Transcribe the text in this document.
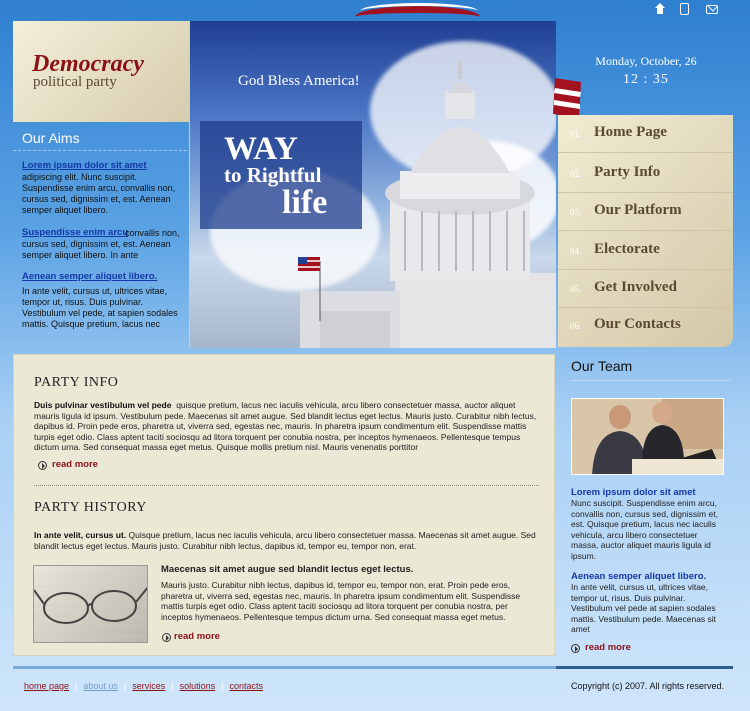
Democracy
political party	God Bless America!
WAY
to Rightful
life
Monday, October, 26
12 : 35
01. Home Page
02. Party Info
03. Our Platform
04. Electorate
05. Get Involved
06. Our Contacts
Our Aims
Lorem ipsum dolor sit amet
adipiscing elit. Nunc suscipit. Suspendisse enim arcu, convallis non, cursus sed, dignissim et, est. Aenean semper aliquet libero.
Suspendisse enim arcu
convallis non, cursus sed, dignissim et, est. Aenean semper aliquet libero. In ante
Aenean semper aliquet libero.
In ante velit, cursus ut, ultrices vitae, tempor ut, risus. Duis pulvinar. Vestibulum vel pede, at sapien sodales mattis. Quisque pretium, lacus nec
PARTY INFO
Duis pulvinar vestibulum vel pede quisque pretium, lacus nec iaculis vehicula, arcu libero consectetuer massa, auctor aliquet mauris ligula id ipsum. Vestibulum pede. Maecenas sit amet augue. Sed blandit lectus eget lectus. Mauris justo. Curabitur nibh lectus, dapibus id. Proin pede eros, pharetra ut, viverra sed, egestas nec, mauris. In pharetra ipsum condimentum elit. Suspendisse mattis turpis eget odio. Class aptent taciti sociosqu ad litora torquent per conubia nostra, per inceptos hymenaeos. Pellentesque tempus dictum urna. Sed consequat massa eget metus. Quisque mollis pretium nisl. Mauris venenatis porttitor
read more
PARTY HISTORY
In ante velit, cursus ut. Quisque pretium, lacus nec iaculis vehicula, arcu libero consectetuer massa. Maecenas sit amet augue. Sed blandit lectus eget lectus. Mauris justo. Curabitur nibh lectus, dapibus id, tempor eu, tempor non, erat.
Maecenas sit amet augue sed blandit lectus eget lectus.
Mauris justo. Curabitur nibh lectus, dapibus id, tempor eu, tempor non, erat. Proin pede eros, pharetra ut, viverra sed, egestas nec, mauris. In pharetra ipsum condimentum elit. Suspendisse mattis turpis eget odio. Class aptent taciti sociosqu ad litora torquent per conubia nostra, per inceptos hymenaeos. Pellentesque tempus dictum urna. Sed consequat massa eget metus.
read more
Our Team
Lorem ipsum dolor sit amet
Nunc suscipit. Suspendisse enim arcu, convallis non, cursus sed, dignissim et, est. Quisque pretium, lacus nec iaculis vehicula, arcu libero consectetuer massa, auctor aliquet mauris ligula id ipsum.
Aenean semper aliquet libero.
In ante velit, cursus ut, ultrices vitae, tempor ut, risus. Duis pulvinar. Vestibulum vel pede at sapien sodales mattis. Vestibulum pede. Maecenas sit amet
read more
home page | about us | services | solutions | contacts	Copyright (c) 2007. All rights reserved.
